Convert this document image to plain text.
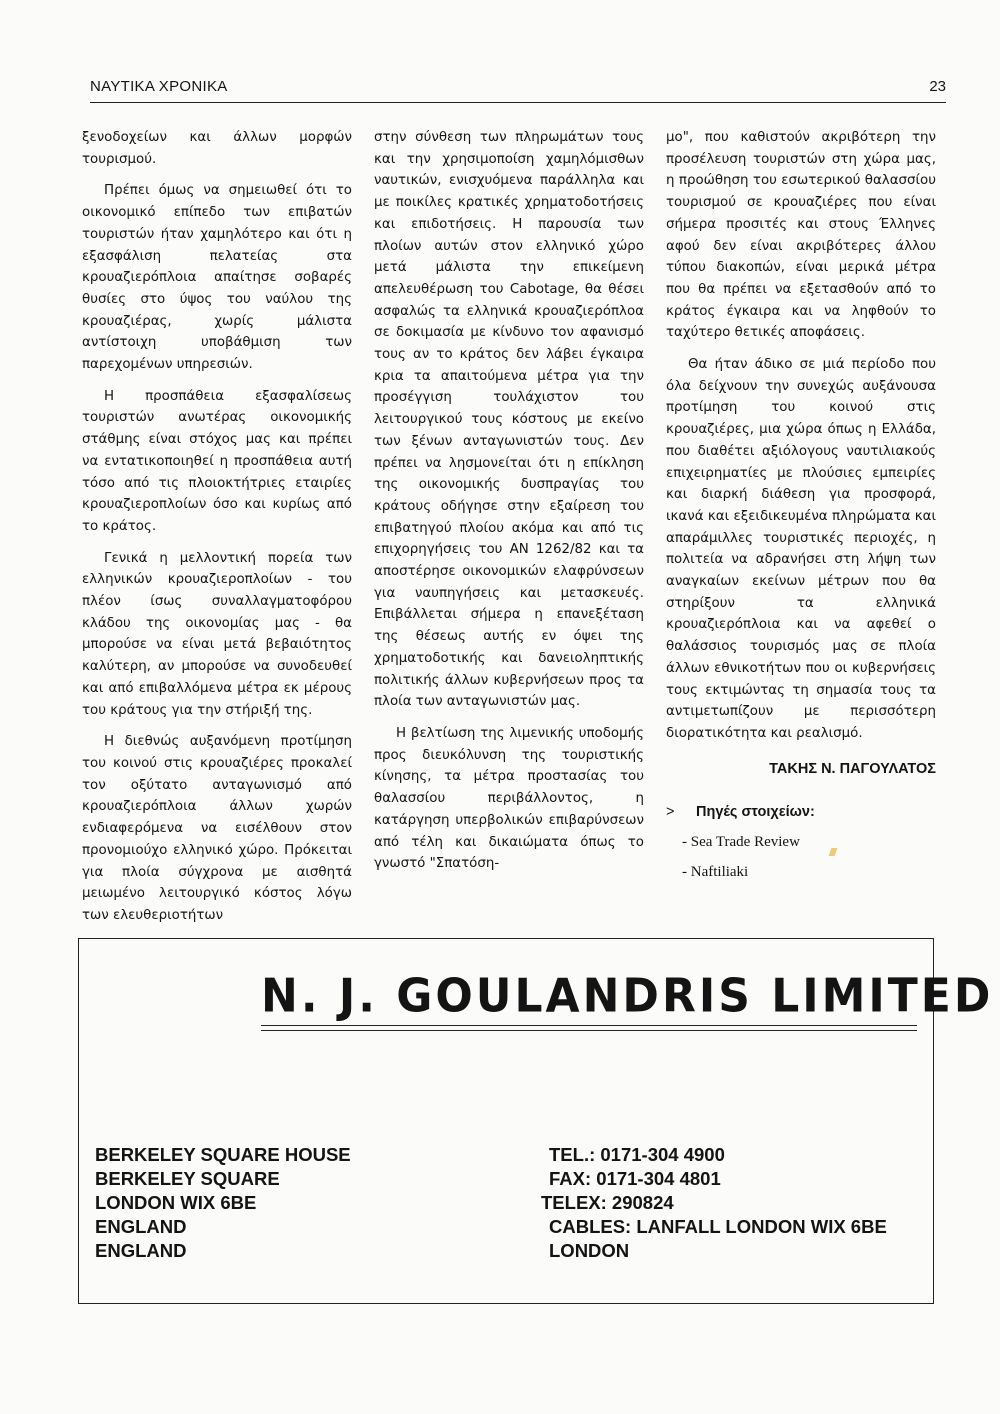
ΝΑΥΤΙΚΑ ΧΡΟΝΙΚΑ	23

ξενοδοχείων και άλλων μορφών τουρισμού.

Πρέπει όμως να σημειωθεί ότι το οικονομικό επίπεδο των επιβατών τουριστών ήταν χαμηλότερο και ότι η εξασφάλιση πελατείας στα κρουαζιερόπλοια απαίτησε σοβαρές θυσίες στο ύψος του ναύλου της κρουαζιέρας, χωρίς μάλιστα αντίστοιχη υποβάθμιση των παρεχομένων υπηρεσιών.

Η προσπάθεια εξασφαλίσεως τουριστών ανωτέρας οικονομικής στάθμης είναι στόχος μας και πρέπει να εντατικοποιηθεί η προσπάθεια αυτή τόσο από τις πλοιοκτήτριες εταιρίες κρουαζιεροπλοίων όσο και κυρίως από το κράτος.

Γενικά η μελλοντική πορεία των ελληνικών κρουαζιεροπλοίων - του πλέον ίσως συναλλαγματοφόρου κλάδου της οικονομίας μας - θα μπορούσε να είναι μετά βεβαιότητος καλύτερη, αν μπορούσε να συνοδευθεί και από επιβαλλόμενα μέτρα εκ μέρους του κράτους για την στήριξή της.

Η διεθνώς αυξανόμενη προτίμηση του κοινού στις κρουαζιέρες προκαλεί τον οξύτατο ανταγωνισμό από κρουαζιερόπλοια άλλων χωρών ενδιαφερόμενα να εισέλθουν στον προνομιούχο ελληνικό χώρο. Πρόκειται για πλοία σύγχρονα με αισθητά μειωμένο λειτουργικό κόστος λόγω των ελευθεριοτήτων

στην σύνθεση των πληρωμάτων τους και την χρησιμοποίση χαμηλόμισθων ναυτικών, ενισχυόμενα παράλληλα και με ποικίλες κρατικές χρηματοδοτήσεις και επιδοτήσεις. Η παρουσία των πλοίων αυτών στον ελληνικό χώρο μετά μάλιστα την επικείμενη απελευθέρωση του Cabotage, θα θέσει ασφαλώς τα ελληνικά κρουαζιερόπλοα σε δοκιμασία με κίνδυνο τον αφανισμό τους αν το κράτος δεν λάβει έγκαιρα κρια τα απαιτούμενα μέτρα για την προσέγγιση τουλάχιστον του λειτουργικού τους κόστους με εκείνο των ξένων ανταγωνιστών τους. Δεν πρέπει να λησμονείται ότι η επίκληση της οικονομικής δυσπραγίας του κράτους οδήγησε στην εξαίρεση του επιβατηγού πλοίου ακόμα και από τις επιχορηγήσεις του ΑΝ 1262/82 και τα αποστέρησε οικονομικών ελαφρύνσεων για ναυπηγήσεις και μετασκευές. Επιβάλλεται σήμερα η επανεξέταση της θέσεως αυτής εν όψει της χρηματοδοτικής και δανειοληπτικής πολιτικής άλλων κυβερνήσεων προς τα πλοία των ανταγωνιστών μας.

Η βελτίωση της λιμενικής υποδομής προς διευκόλυνση της τουριστικής κίνησης, τα μέτρα προστασίας του θαλασσίου περιβάλλοντος, η κατάργηση υπερβολικών επιβαρύνσεων από τέλη και δικαιώματα όπως το γνωστό "Σπατόση-

μο", που καθιστούν ακριβότερη την προσέλευση τουριστών στη χώρα μας, η προώθηση του εσωτερικού θαλασσίου τουρισμού σε κρουαζιέρες που είναι σήμερα προσιτές και στους Έλληνες αφού δεν είναι ακριβότερες άλλου τύπου διακοπών, είναι μερικά μέτρα που θα πρέπει να εξετασθούν από το κράτος έγκαιρα και να ληφθούν το ταχύτερο θετικές αποφάσεις.

Θα ήταν άδικο σε μιά περίοδο που όλα δείχνουν την συνεχώς αυξάνουσα προτίμηση του κοινού στις κρουαζιέρες, μια χώρα όπως η Ελλάδα, που διαθέτει αξιόλογους ναυτιλιακούς επιχειρηματίες με πλούσιες εμπειρίες και διαρκή διάθεση για προσφορά, ικανά και εξειδικευμένα πληρώματα και απαράμιλλες τουριστικές περιοχές, η πολιτεία να αδρανήσει στη λήψη των αναγκαίων εκείνων μέτρων που θα στηρίξουν τα ελληνικά κρουαζιερόπλοια και να αφεθεί ο θαλάσσιος τουρισμός μας σε πλοία άλλων εθνικοτήτων που οι κυβερνήσεις τους εκτιμώντας τη σημασία τους τα αντιμετωπίζουν με περισσότερη διορατικότητα και ρεαλισμό.

ΤΑΚΗΣ Ν. ΠΑΓΟΥΛΑΤΟΣ
> Πηγές στοιχείων:
- Sea Trade Review
- Naftiliaki
N. J. GOULANDRIS LIMITED
BERKELEY SQUARE HOUSE
BERKELEY SQUARE
LONDON WIX 6BE
ENGLAND
ENGLAND
TEL.: 0171-304 4900
FAX: 0171-304 4801
TELEX: 290824
CABLES: LANFALL LONDON WIX 6BE
LONDON
